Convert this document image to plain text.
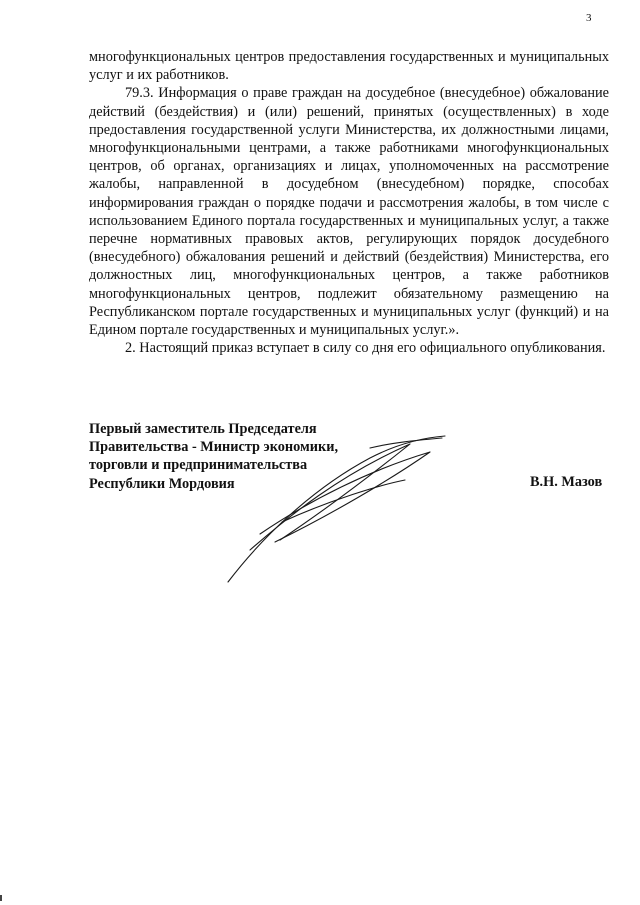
3

многофункциональных центров предоставления государственных и муниципальных услуг и их работников.

79.3. Информация о праве граждан на досудебное (внесудебное) обжалование действий (бездействия) и (или) решений, принятых (осуществленных) в ходе предоставления государственной услуги Министерства, их должностными лицами, многофункциональными центрами, а также работниками многофункциональных центров, об органах, организациях и лицах, уполномоченных на рассмотрение жалобы, направленной в досудебном (внесудебном) порядке, способах информирования граждан о порядке подачи и рассмотрения жалобы, в том числе с использованием Единого портала государственных и муниципальных услуг, а также перечне нормативных правовых актов, регулирующих порядок досудебного (внесудебного) обжалования решений и действий (бездействия) Министерства, его должностных лиц, многофункциональных центров, а также работников многофункциональных центров, подлежит обязательному размещению на Республиканском портале государственных и муниципальных услуг (функций) и на Едином портале государственных и муниципальных услуг.».

2. Настоящий приказ вступает в силу со дня его официального опубликования.

Первый заместитель Председателя
Правительства - Министр экономики,
торговли и предпринимательства
Республики Мордовия	В.Н. Мазов
